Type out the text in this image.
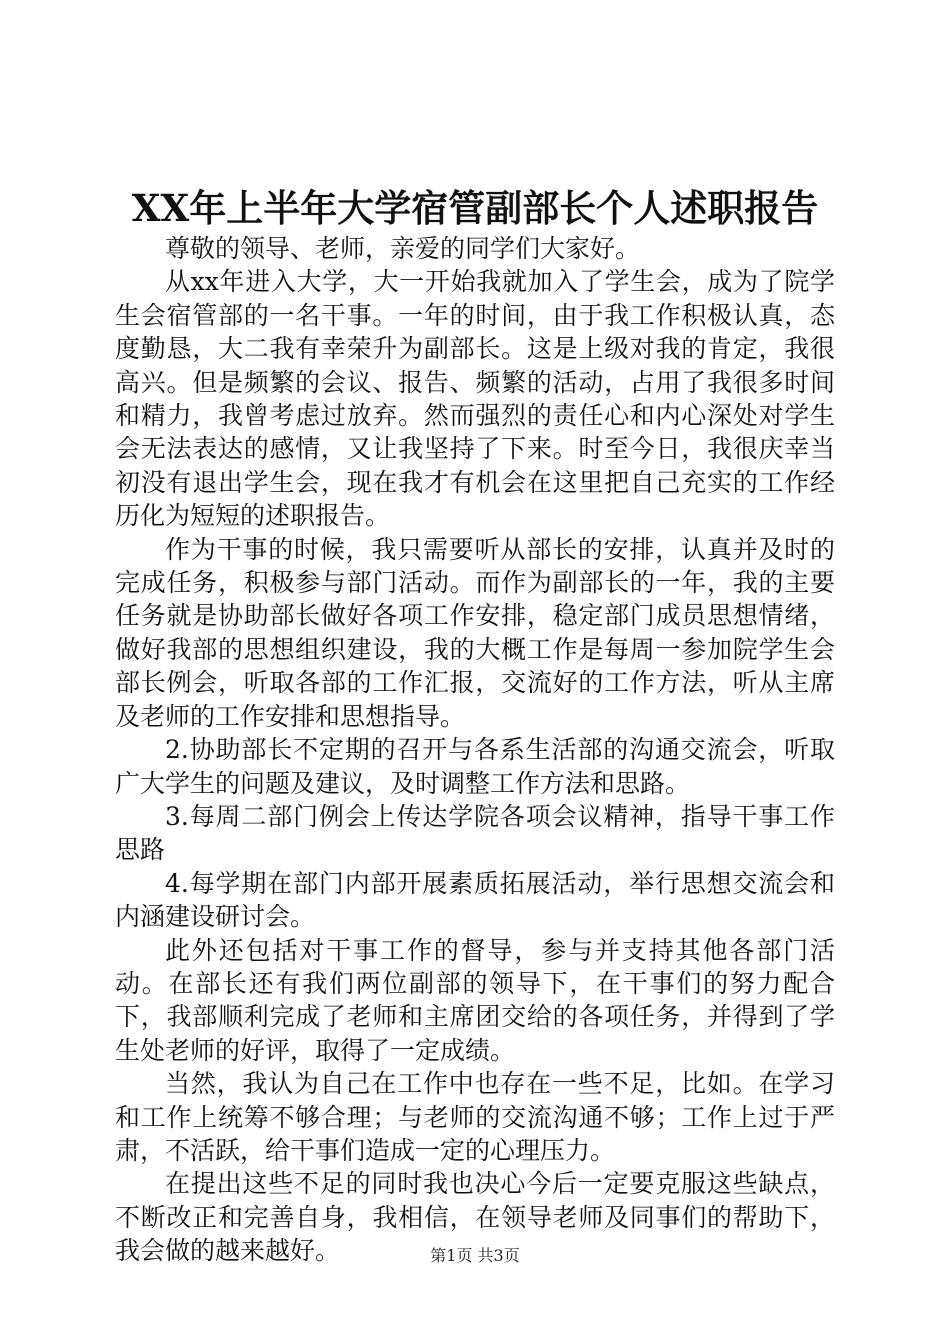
XX年上半年大学宿管副部长个人述职报告

尊敬的领导、老师，亲爱的同学们大家好。

从xx年进入大学，大一开始我就加入了学生会，成为了院学生会宿管部的一名干事。一年的时间，由于我工作积极认真，态度勤恳，大二我有幸荣升为副部长。这是上级对我的肯定，我很高兴。但是频繁的会议、报告、频繁的活动，占用了我很多时间和精力，我曾考虑过放弃。然而强烈的责任心和内心深处对学生会无法表达的感情，又让我坚持了下来。时至今日，我很庆幸当初没有退出学生会，现在我才有机会在这里把自己充实的工作经历化为短短的述职报告。

作为干事的时候，我只需要听从部长的安排，认真并及时的完成任务，积极参与部门活动。而作为副部长的一年，我的主要任务就是协助部长做好各项工作安排，稳定部门成员思想情绪，做好我部的思想组织建设，我的大概工作是每周一参加院学生会部长例会，听取各部的工作汇报，交流好的工作方法，听从主席及老师的工作安排和思想指导。

2.协助部长不定期的召开与各系生活部的沟通交流会，听取广大学生的问题及建议，及时调整工作方法和思路。

3.每周二部门例会上传达学院各项会议精神，指导干事工作思路

4.每学期在部门内部开展素质拓展活动，举行思想交流会和内涵建设研讨会。

此外还包括对干事工作的督导，参与并支持其他各部门活动。在部长还有我们两位副部的领导下，在干事们的努力配合下，我部顺利完成了老师和主席团交给的各项任务，并得到了学生处老师的好评，取得了一定成绩。

当然，我认为自己在工作中也存在一些不足，比如。在学习和工作上统筹不够合理；与老师的交流沟通不够；工作上过于严肃，不活跃，给干事们造成一定的心理压力。

在提出这些不足的同时我也决心今后一定要克服这些缺点，不断改正和完善自身，我相信，在领导老师及同事们的帮助下，我会做的越来越好。	第1页 共3页
